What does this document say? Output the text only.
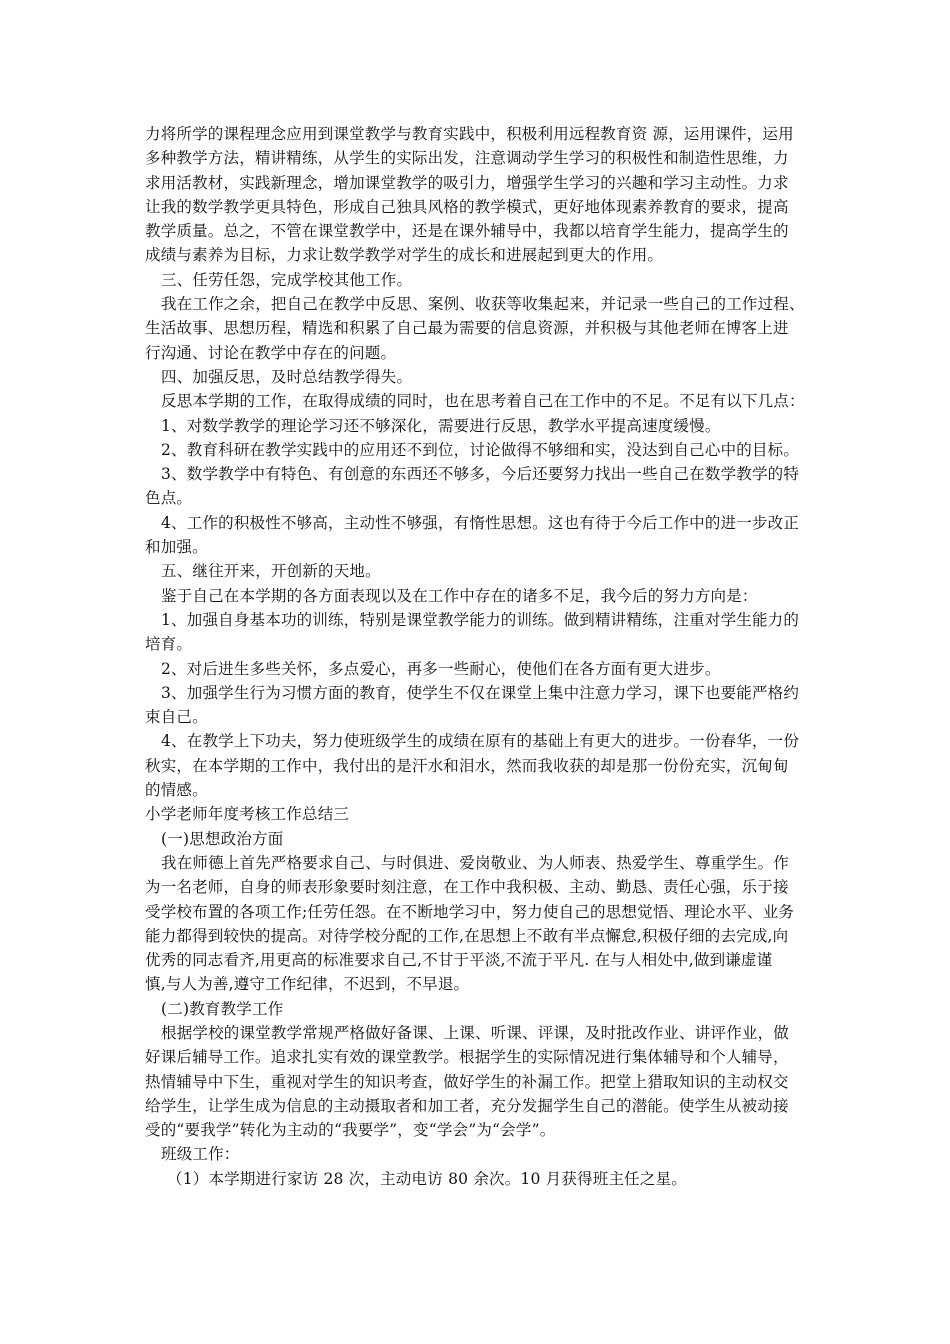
力将所学的课程理念应用到课堂教学与教育实践中，积极利用远程教育资 源，运用课件，运用
多种教学方法，精讲精练，从学生的实际出发，注意调动学生学习的积极性和制造性思维，力
求用活教材，实践新理念，增加课堂教学的吸引力，增强学生学习的兴趣和学习主动性。力求
让我的数学教学更具特色，形成自己独具风格的教学模式，更好地体现素养教育的要求，提高
教学质量。总之，不管在课堂教学中，还是在课外辅导中，我都以培育学生能力，提高学生的
成绩与素养为目标，力求让数学教学对学生的成长和进展起到更大的作用。
三、任劳任怨，完成学校其他工作。
我在工作之余，把自己在教学中反思、案例、收获等收集起来，并记录一些自己的工作过程、
生活故事、思想历程，精选和积累了自己最为需要的信息资源，并积极与其他老师在博客上进
行沟通、讨论在教学中存在的问题。
四、加强反思，及时总结教学得失。
反思本学期的工作，在取得成绩的同时，也在思考着自己在工作中的不足。不足有以下几点：
1、对数学教学的理论学习还不够深化，需要进行反思，教学水平提高速度缓慢。
2、教育科研在教学实践中的应用还不到位，讨论做得不够细和实，没达到自己心中的目标。
3、数学教学中有特色、有创意的东西还不够多，今后还要努力找出一些自己在数学教学的特
色点。
4、工作的积极性不够高，主动性不够强，有惰性思想。这也有待于今后工作中的进一步改正
和加强。
五、继往开来，开创新的天地。
鉴于自己在本学期的各方面表现以及在工作中存在的诸多不足，我今后的努力方向是：
1、加强自身基本功的训练，特别是课堂教学能力的训练。做到精讲精练，注重对学生能力的
培育。
2、对后进生多些关怀，多点爱心，再多一些耐心，使他们在各方面有更大进步。
3、加强学生行为习惯方面的教育，使学生不仅在课堂上集中注意力学习，课下也要能严格约
束自己。
4、在教学上下功夫，努力使班级学生的成绩在原有的基础上有更大的进步。一份春华，一份
秋实，在本学期的工作中，我付出的是汗水和泪水，然而我收获的却是那一份份充实，沉甸甸
的情感。
小学老师年度考核工作总结三
(一)思想政治方面
我在师德上首先严格要求自己、与时俱进、爱岗敬业、为人师表、热爱学生、尊重学生。作
为一名老师，自身的师表形象要时刻注意，在工作中我积极、主动、勤恳、责任心强，乐于接
受学校布置的各项工作;任劳任怨。在不断地学习中，努力使自己的思想觉悟、理论水平、业务
能力都得到较快的提高。对待学校分配的工作,在思想上不敢有半点懈怠,积极仔细的去完成,向
优秀的同志看齐,用更高的标准要求自己,不甘于平淡,不流于平凡. 在与人相处中,做到谦虚谨
慎,与人为善,遵守工作纪律，不迟到，不早退。
(二)教育教学工作
根据学校的课堂教学常规严格做好备课、上课、听课、评课，及时批改作业、讲评作业，做
好课后辅导工作。追求扎实有效的课堂教学。根据学生的实际情况进行集体辅导和个人辅导，
热情辅导中下生，重视对学生的知识考查，做好学生的补漏工作。把堂上猎取知识的主动权交
给学生，让学生成为信息的主动摄取者和加工者，充分发掘学生自己的潜能。使学生从被动接
受的“要我学”转化为主动的“我要学”，变“学会”为“会学”。
班级工作：
（1）本学期进行家访 28 次，主动电访 80 余次。10 月获得班主任之星。
